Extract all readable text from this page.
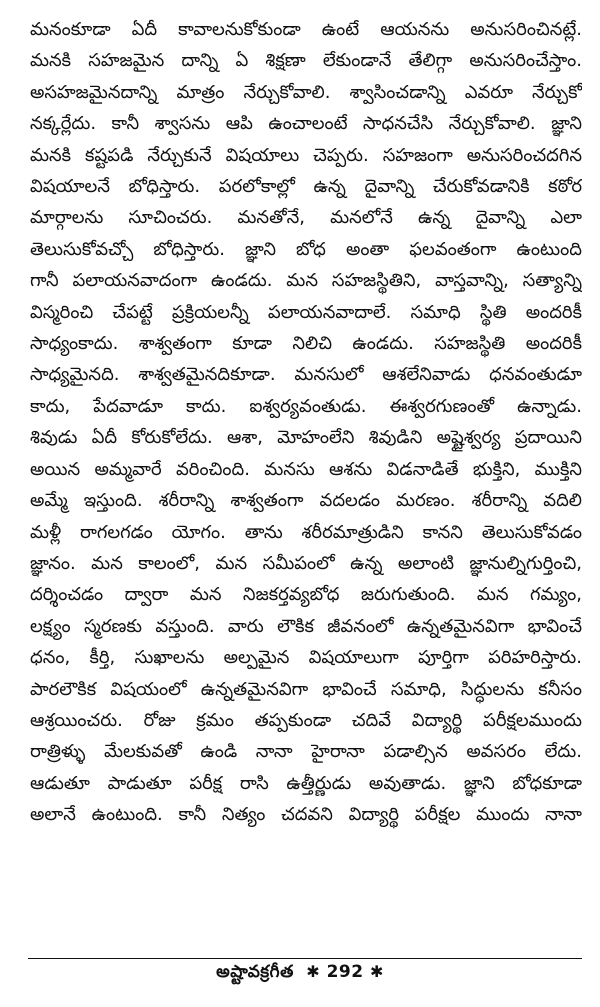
మనంకూడా ఏదీ కావాలనుకోకుండా ఉంటే ఆయనను అనుసరించినట్లే.
మనకి సహజమైన దాన్ని ఏ శిక్షణా లేకుండానే తేలిగ్గా అనుసరించేస్తాం.
అసహజమైనదాన్ని మాత్రం నేర్చుకోవాలి. శ్వాసించడాన్ని ఎవరూ నేర్చుకో
నక్కర్లేదు. కానీ శ్వాసను ఆపి ఉంచాలంటే సాధనచేసి నేర్చుకోవాలి. జ్ఞాని
మనకి కష్టపడి నేర్చుకునే విషయాలు చెప్పరు. సహజంగా అనుసరించదగిన
విషయాలనే బోధిస్తారు. పరలోకాల్లో ఉన్న దైవాన్ని చేరుకోవడానికి కఠోర
మార్గాలను సూచించరు. మనతోనే, మనలోనే ఉన్న దైవాన్ని ఎలా
తెలుసుకోవచ్చో బోధిస్తారు. జ్ఞాని బోధ అంతా ఫలవంతంగా ఉంటుంది
గానీ పలాయనవాదంగా ఉండదు. మన సహజస్థితిని, వాస్తవాన్ని, సత్యాన్ని
విస్మరించి చేపట్టే ప్రక్రియలన్నీ పలాయనవాదాలే. సమాధి స్థితి అందరికీ
సాధ్యంకాదు. శాశ్వతంగా కూడా నిలిచి ఉండదు. సహజస్థితి అందరికీ
సాధ్యమైనది. శాశ్వతమైనదికూడా. మనసులో ఆశలేనివాడు ధనవంతుడూ
కాదు, పేదవాడూ కాదు. ఐశ్వర్యవంతుడు. ఈశ్వరగుణంతో ఉన్నాడు.
శివుడు ఏదీ కోరుకోలేదు. ఆశా, మోహంలేని శివుడిని అష్టైశ్వర్య ప్రదాయిని
అయిన అమ్మవారే వరించింది. మనసు ఆశను విడనాడితే భుక్తిని, ముక్తిని
అమ్మే ఇస్తుంది. శరీరాన్ని శాశ్వతంగా వదలడం మరణం. శరీరాన్ని వదిలి
మళ్లీ రాగలగడం యోగం. తాను శరీరమాత్రుడిని కానని తెలుసుకోవడం
జ్ఞానం. మన కాలంలో, మన సమీపంలో ఉన్న అలాంటి జ్ఞానుల్నిగుర్తించి,
దర్శించడం ద్వారా మన నిజకర్తవ్యబోధ జరుగుతుంది. మన గమ్యం,
లక్ష్యం స్మరణకు వస్తుంది. వారు లౌకిక జీవనంలో ఉన్నతమైనవిగా భావించే
ధనం, కీర్తి, సుఖాలను అల్పమైన విషయాలుగా పూర్తిగా పరిహరిస్తారు.
పారలౌకిక విషయంలో ఉన్నతమైనవిగా భావించే సమాధి, సిద్ధులను కనీసం
ఆశ్రయించరు. రోజు క్రమం తప్పకుండా చదివే విద్యార్థి పరీక్షలముందు
రాత్రిళ్ళు మేలకువతో ఉండి నానా హైరానా పడాల్సిన అవసరం లేదు.
ఆడుతూ పాడుతూ పరీక్ష రాసి ఉత్తీర్ణుడు అవుతాడు. జ్ఞాని బోధకూడా
అలానే ఉంటుంది. కానీ నిత్యం చదవని విద్యార్థి పరీక్షల ముందు నానా
అష్టావక్రగీత ✱ 292 ✱
